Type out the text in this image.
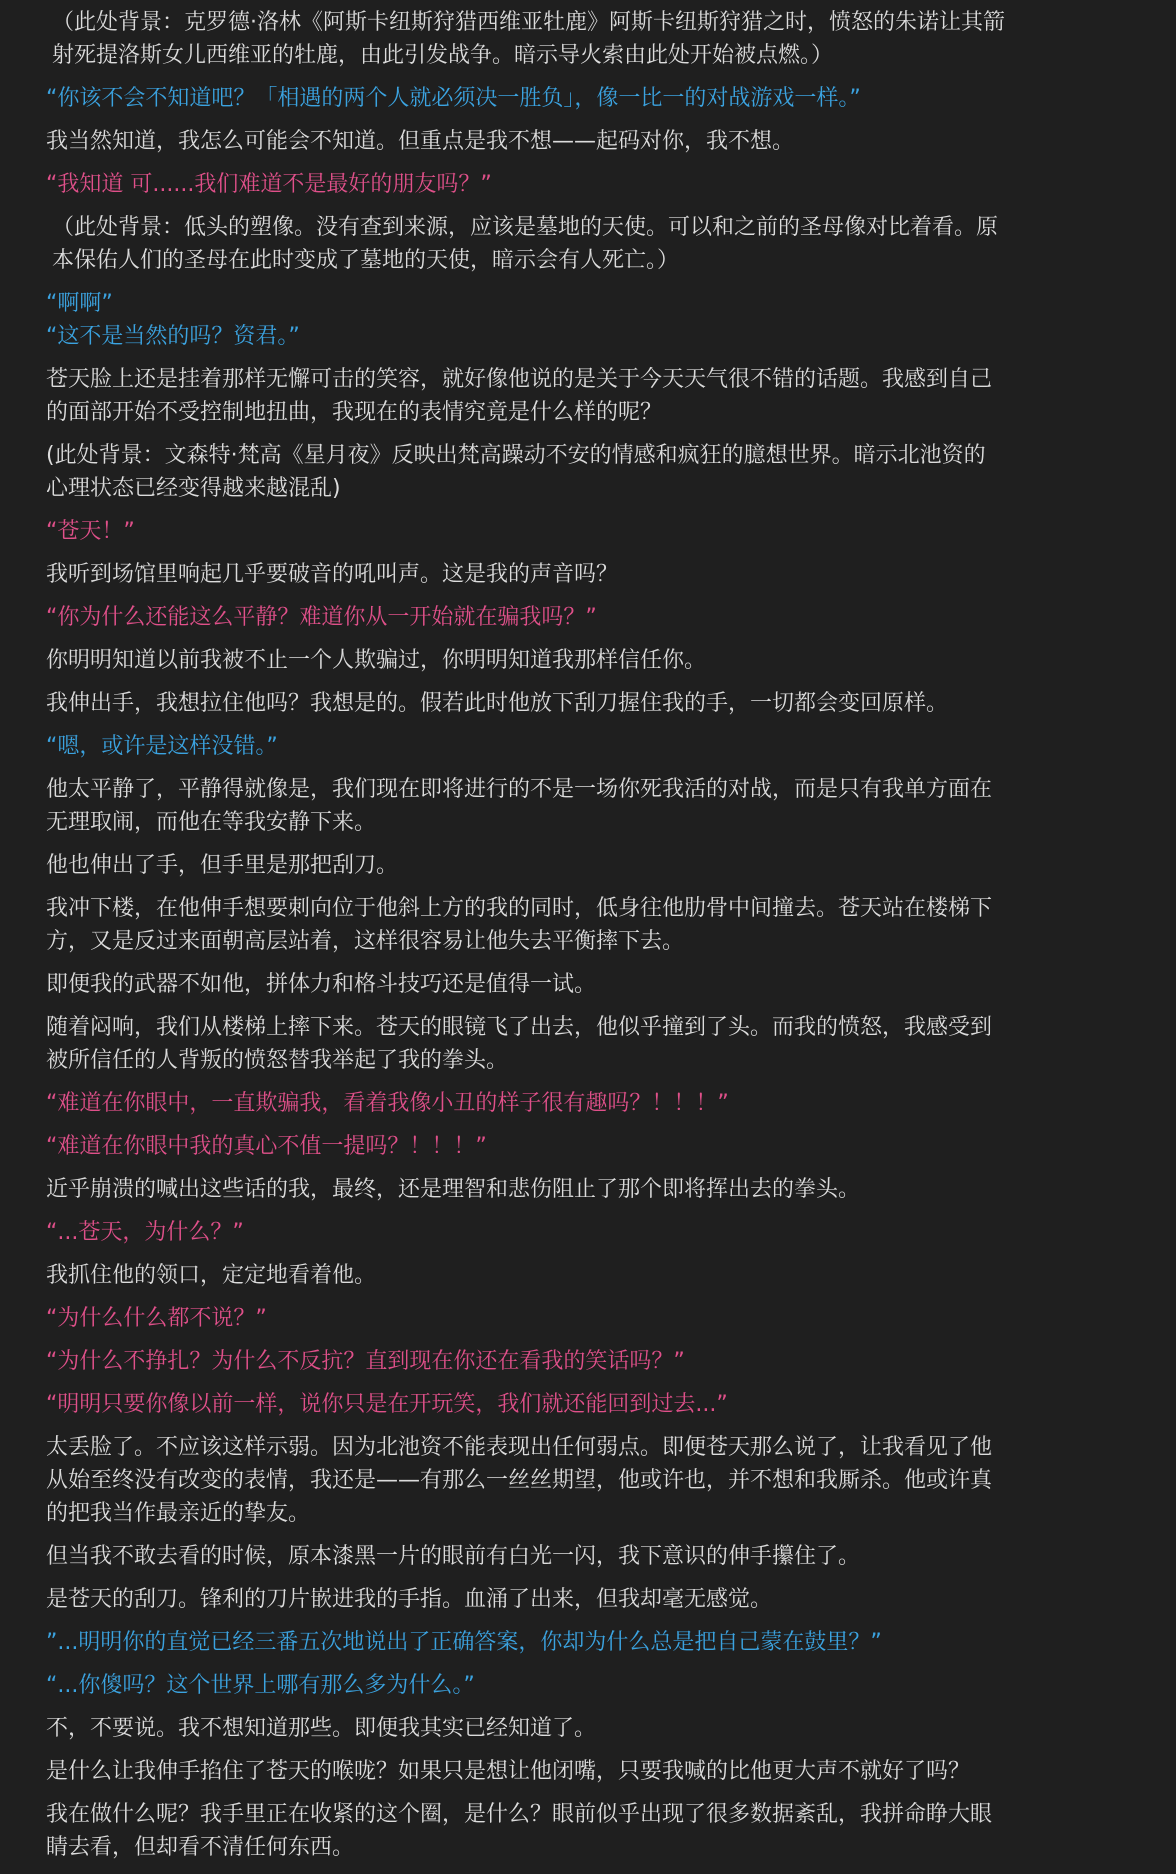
（此处背景：克罗德·洛林《阿斯卡纽斯狩猎西维亚牡鹿》阿斯卡纽斯狩猎之时，愤怒的朱诺让其箭射死提洛斯女儿西维亚的牡鹿，由此引发战争。暗示导火索由此处开始被点燃。）

“你该不会不知道吧？「相遇的两个人就必须决一胜负」，像一比一的对战游戏一样。”

我当然知道，我怎么可能会不知道。但重点是我不想——起码对你，我不想。

“我知道 可......我们难道不是最好的朋友吗？”

（此处背景：低头的塑像。没有查到来源，应该是墓地的天使。可以和之前的圣母像对比着看。原本保佑人们的圣母在此时变成了墓地的天使，暗示会有人死亡。）

“啊啊”

“这不是当然的吗？资君。”

苍天脸上还是挂着那样无懈可击的笑容，就好像他说的是关于今天天气很不错的话题。我感到自己的面部开始不受控制地扭曲，我现在的表情究竟是什么样的呢？

(此处背景：文森特·梵高《星月夜》反映出梵高躁动不安的情感和疯狂的臆想世界。暗示北池资的心理状态已经变得越来越混乱)

“苍天！”

我听到场馆里响起几乎要破音的吼叫声。这是我的声音吗？

“你为什么还能这么平静？难道你从一开始就在骗我吗？”

你明明知道以前我被不止一个人欺骗过，你明明知道我那样信任你。

我伸出手，我想拉住他吗？我想是的。假若此时他放下刮刀握住我的手，一切都会变回原样。

“嗯，或许是这样没错。”

他太平静了，平静得就像是，我们现在即将进行的不是一场你死我活的对战，而是只有我单方面在无理取闹，而他在等我安静下来。

他也伸出了手，但手里是那把刮刀。

我冲下楼，在他伸手想要刺向位于他斜上方的我的同时，低身往他肋骨中间撞去。苍天站在楼梯下方，又是反过来面朝高层站着，这样很容易让他失去平衡摔下去。

即便我的武器不如他，拼体力和格斗技巧还是值得一试。

随着闷响，我们从楼梯上摔下来。苍天的眼镜飞了出去，他似乎撞到了头。而我的愤怒，我感受到被所信任的人背叛的愤怒替我举起了我的拳头。

“难道在你眼中，一直欺骗我，看着我像小丑的样子很有趣吗？！！！”

“难道在你眼中我的真心不值一提吗？！！！”

近乎崩溃的喊出这些话的我，最终，还是理智和悲伤阻止了那个即将挥出去的拳头。

“...苍天，为什么？”

我抓住他的领口，定定地看着他。

“为什么什么都不说？”

“为什么不挣扎？为什么不反抗？直到现在你还在看我的笑话吗？”

“明明只要你像以前一样，说你只是在开玩笑，我们就还能回到过去...”

太丢脸了。不应该这样示弱。因为北池资不能表现出任何弱点。即便苍天那么说了，让我看见了他从始至终没有改变的表情，我还是——有那么一丝丝期望，他或许也，并不想和我厮杀。他或许真的把我当作最亲近的挚友。

但当我不敢去看的时候，原本漆黑一片的眼前有白光一闪，我下意识的伸手攥住了。

是苍天的刮刀。锋利的刀片嵌进我的手指。血涌了出来，但我却毫无感觉。

”...明明你的直觉已经三番五次地说出了正确答案，你却为什么总是把自己蒙在鼓里？”

“...你傻吗？这个世界上哪有那么多为什么。”

不，不要说。我不想知道那些。即便我其实已经知道了。

是什么让我伸手掐住了苍天的喉咙？如果只是想让他闭嘴，只要我喊的比他更大声不就好了吗？

我在做什么呢？我手里正在收紧的这个圈，是什么？眼前似乎出现了很多数据紊乱，我拼命睁大眼睛去看，但却看不清任何东西。
